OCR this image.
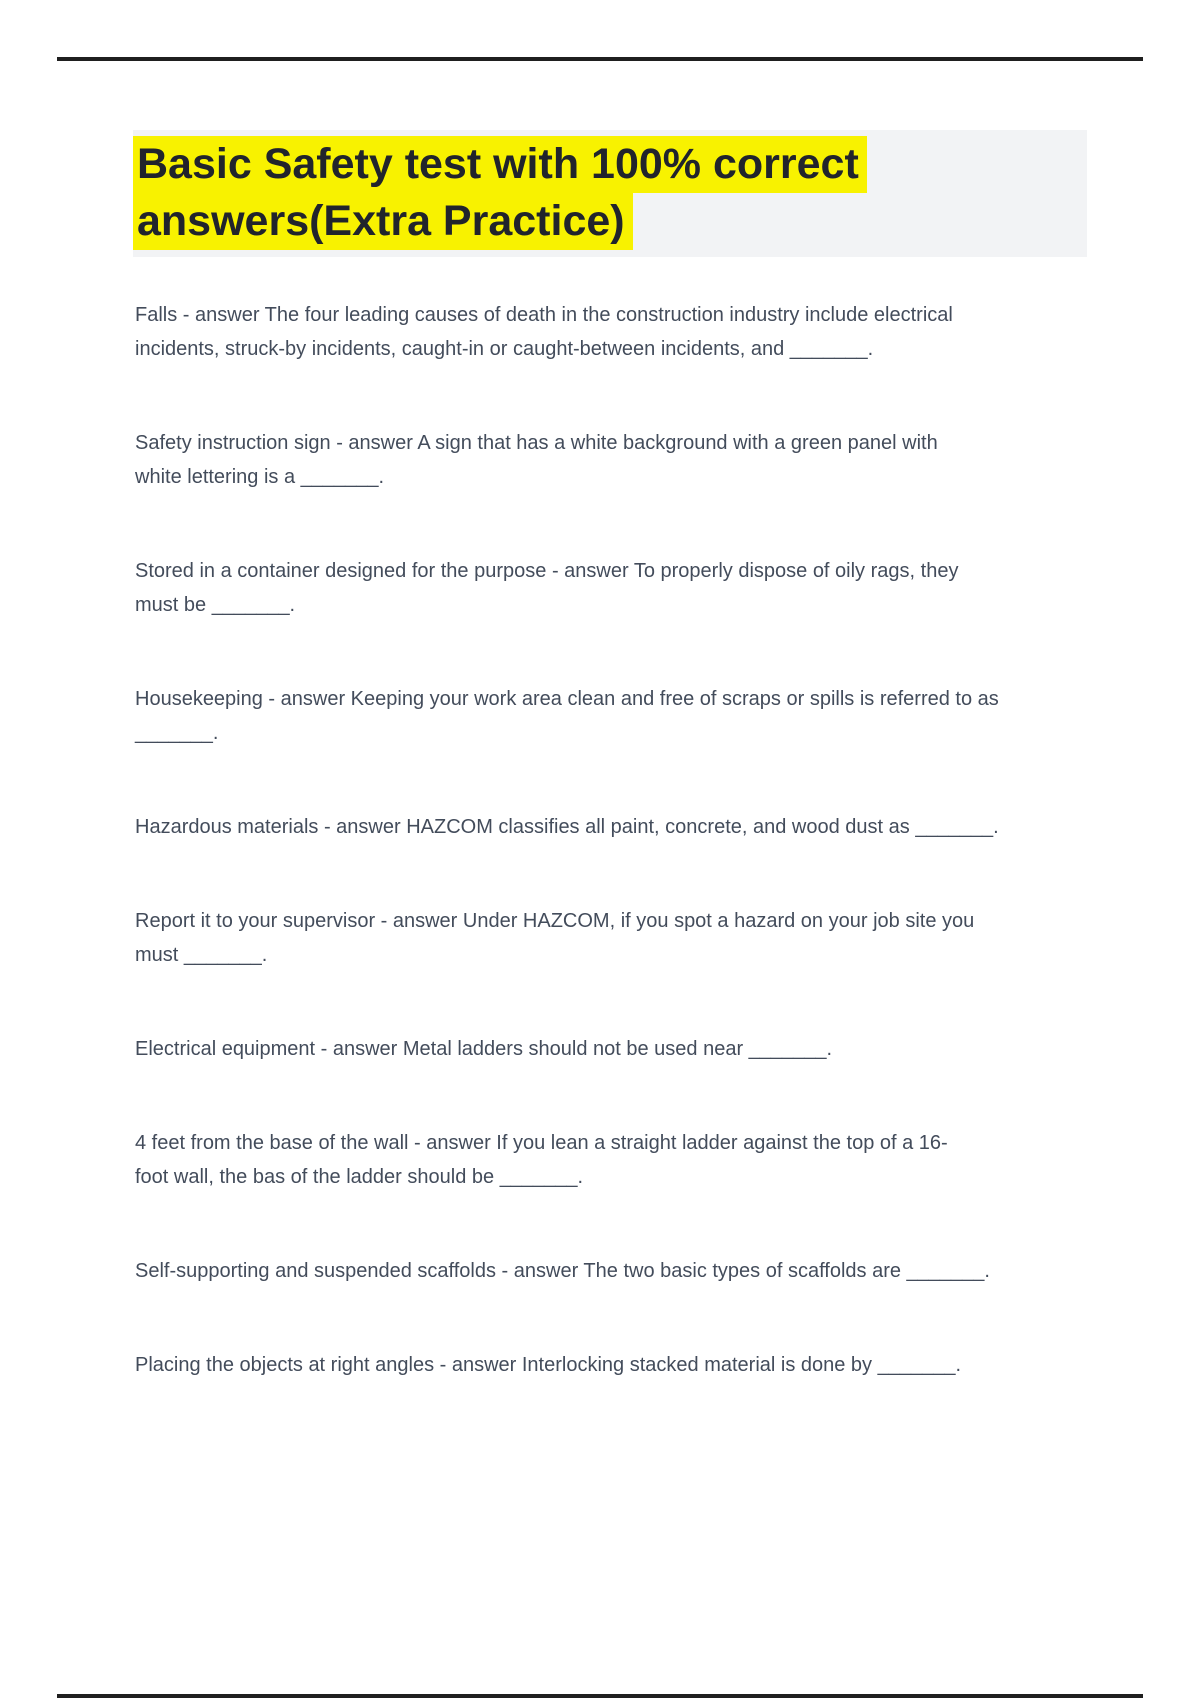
Basic Safety test with 100% correct
answers(Extra Practice)

Falls - answer The four leading causes of death in the construction industry include electrical
incidents, struck-by incidents, caught-in or caught-between incidents, and _______.

Safety instruction sign - answer A sign that has a white background with a green panel with
white lettering is a _______.

Stored in a container designed for the purpose - answer To properly dispose of oily rags, they
must be _______.

Housekeeping - answer Keeping your work area clean and free of scraps or spills is referred to as
_______.

Hazardous materials - answer HAZCOM classifies all paint, concrete, and wood dust as _______.

Report it to your supervisor - answer Under HAZCOM, if you spot a hazard on your job site you
must _______.

Electrical equipment - answer Metal ladders should not be used near _______.

4 feet from the base of the wall - answer If you lean a straight ladder against the top of a 16-
foot wall, the bas of the ladder should be _______.

Self-supporting and suspended scaffolds - answer The two basic types of scaffolds are _______.

Placing the objects at right angles - answer Interlocking stacked material is done by _______.
